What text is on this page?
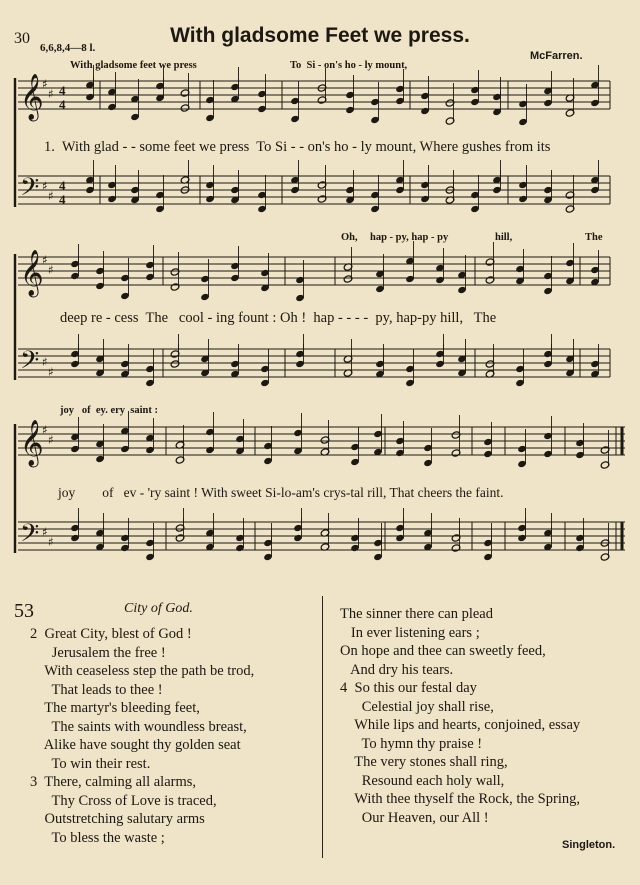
30	With gladsome Feet we press.
6,6,8,4—8 l.
McFarren.
With gladsome feet we press	To  Si - on's ho - ly mount,
1.  With glad - - some feet we press  To Si - - on's ho - ly mount, Where gushes from its
Oh, hap - py, hap - py	hill,	The
deep re - cess  The   cool - ing fount : Oh !  hap - - - -  py, hap-py hill,   The
joy   of  ey. ery  saint :
joy        of   ev - 'ry saint ! With sweet Si-lo-am's crys-tal rill, That cheers the faint.
𝄞
𝄢
𝄞
𝄢
𝄞
𝄢
♯
♯
♯
♯
♯
♯
♯
♯
♯
♯
♯
♯
4
4
4
4
53	City of God.
2  Great City, blest of God !
Jerusalem the free !
With ceaseless step the path be trod,
That leads to thee !
The martyr's bleeding feet,
The saints with woundless breast,
Alike have sought thy golden seat
To win their rest.
3  There, calming all alarms,
Thy Cross of Love is traced,
Outstretching salutary arms
To bless the waste ;
The sinner there can plead
In ever listening ears ;
On hope and thee can sweetly feed,
And dry his tears.
4  So this our festal day
Celestial joy shall rise,
While lips and hearts, conjoined, essay
To hymn thy praise !
The very stones shall ring,
Resound each holy wall,
With thee thyself the Rock, the Spring,
Our Heaven, our All !
Singleton.
